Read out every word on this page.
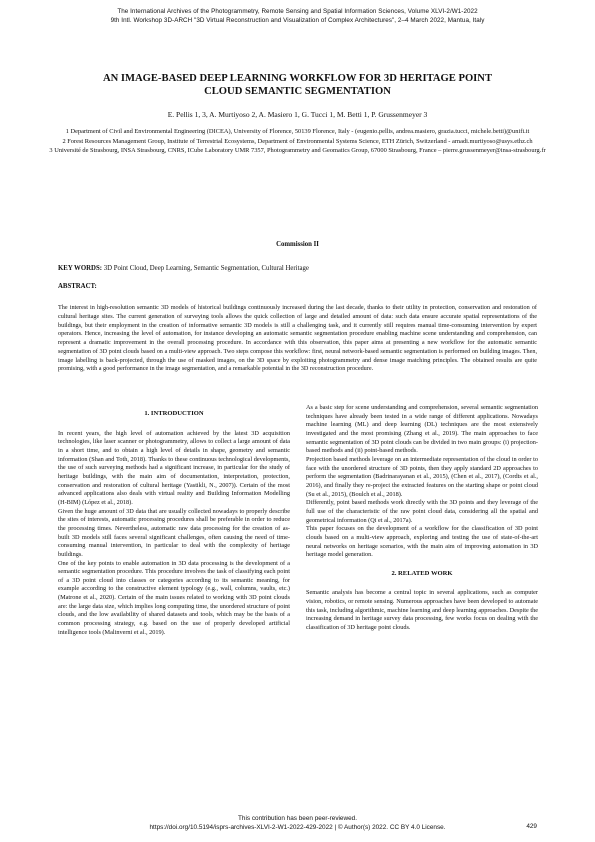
The International Archives of the Photogrammetry, Remote Sensing and Spatial Information Sciences, Volume XLVI-2/W1-2022
9th Intl. Workshop 3D-ARCH "3D Virtual Reconstruction and Visualization of Complex Architectures", 2–4 March 2022, Mantua, Italy
AN IMAGE-BASED DEEP LEARNING WORKFLOW FOR 3D HERITAGE POINT
CLOUD SEMANTIC SEGMENTATION
E. Pellis 1, 3, A. Murtiyoso 2, A. Masiero 1, G. Tucci 1, M. Betti 1, P. Grussenmeyer 3
1 Department of Civil and Environmental Engineering (DICEA), University of Florence, 50139 Florence, Italy - (eugenio.pellis, andrea.masiero, grazia.tucci, michele.betti)@unifi.it
2 Forest Resources Management Group, Institute of Terrestrial Ecosystems, Department of Environmental Systems Science, ETH Zürich, Switzerland - arnadi.murtiyoso@usys.ethz.ch
3 Université de Strasbourg, INSA Strasbourg, CNRS, ICube Laboratory UMR 7357, Photogrammetry and Geomatics Group, 67000 Strasbourg, France – pierre.grussenmeyer@insa-strasbourg.fr
Commission II
KEY WORDS: 3D Point Cloud, Deep Learning, Semantic Segmentation, Cultural Heritage
ABSTRACT:
The interest in high-resolution semantic 3D models of historical buildings continuously increased during the last decade, thanks to their utility in protection, conservation and restoration of cultural heritage sites. The current generation of surveying tools allows the quick collection of large and detailed amount of data: such data ensure accurate spatial representations of the buildings, but their employment in the creation of informative semantic 3D models is still a challenging task, and it currently still requires manual time-consuming intervention by expert operators. Hence, increasing the level of automation, for instance developing an automatic semantic segmentation procedure enabling machine scene understanding and comprehension, can represent a dramatic improvement in the overall processing procedure. In accordance with this observation, this paper aims at presenting a new workflow for the automatic semantic segmentation of 3D point clouds based on a multi-view approach. Two steps compose this workflow: first, neural network-based semantic segmentation is performed on building images. Then, image labelling is back-projected, through the use of masked images, on the 3D space by exploiting photogrammetry and dense image matching principles. The obtained results are quite promising, with a good performance in the image segmentation, and a remarkable potential in the 3D reconstruction procedure.
1. INTRODUCTION

In recent years, the high level of automation achieved by the latest 3D acquisition technologies, like laser scanner or photogrammetry, allows to collect a large amount of data in a short time, and to obtain a high level of details in shape, geometry and semantic information (Shan and Toth, 2018). Thanks to these continuous technological developments, the use of such surveying methods had a significant increase, in particular for the study of heritage buildings, with the main aim of documentation, interpretation, protection, conservation and restoration of cultural heritage (Yastikli, N., 2007)). Certain of the most advanced applications also deals with virtual reality and Building Information Modelling (H-BIM) (López et al., 2018).

Given the huge amount of 3D data that are usually collected nowadays to properly describe the sites of interests, automatic processing procedures shall be preferable in order to reduce the processing times. Nevertheless, automatic raw data processing for the creation of as-built 3D models still faces several significant challenges, often causing the need of time-consuming manual intervention, in particular to deal with the complexity of heritage buildings.

One of the key points to enable automation in 3D data processing is the development of a semantic segmentation procedure. This procedure involves the task of classifying each point of a 3D point cloud into classes or categories according to its semantic meaning, for example according to the constructive element typology (e.g., wall, columns, vaults, etc.) (Matrone et al., 2020). Certain of the main issues related to working with 3D point clouds are: the large data size, which implies long computing time, the unordered structure of point clouds, and the low availability of shared datasets and tools, which may be the basis of a common processing strategy, e.g. based on the use of properly developed artificial intelligence tools (Malinverni et al., 2019).

As a basic step for scene understanding and comprehension, several semantic segmentation techniques have already been tested in a wide range of different applications. Nowadays machine learning (ML) and deep learning (DL) techniques are the most extensively investigated and the most promising (Zhang et al., 2019). The main approaches to face semantic segmentation of 3D point clouds can be divided in two main groups: (i) projection-based methods and (ii) point-based methods.

Projection based methods leverage on an intermediate representation of the cloud in order to face with the unordered structure of 3D points, then they apply standard 2D approaches to perform the segmentation (Badrinarayanan et al., 2015), (Chen et al., 2017), (Cordts et al., 2016), and finally they re-project the extracted features on the starting shape or point cloud (Su et al., 2015), (Boulch et al., 2018).

Differently, point based methods work directly with the 3D points and they leverage of the full use of the characteristic of the raw point cloud data, considering all the spatial and geometrical information (Qi et al., 2017a).

This paper focuses on the development of a workflow for the classification of 3D point clouds based on a multi-view approach, exploring and testing the use of state-of-the-art neural networks on heritage scenarios, with the main aim of improving automation in 3D heritage model generation.

2. RELATED WORK

Semantic analysis has become a central topic in several applications, such as computer vision, robotics, or remote sensing. Numerous approaches have been developed to automate this task, including algorithmic, machine learning and deep learning approaches. Despite the increasing demand in heritage survey data processing, few works focus on dealing with the classification of 3D heritage point clouds.

This contribution has been peer-reviewed.
https://doi.org/10.5194/isprs-archives-XLVI-2-W1-2022-429-2022 | © Author(s) 2022. CC BY 4.0 License.	429
